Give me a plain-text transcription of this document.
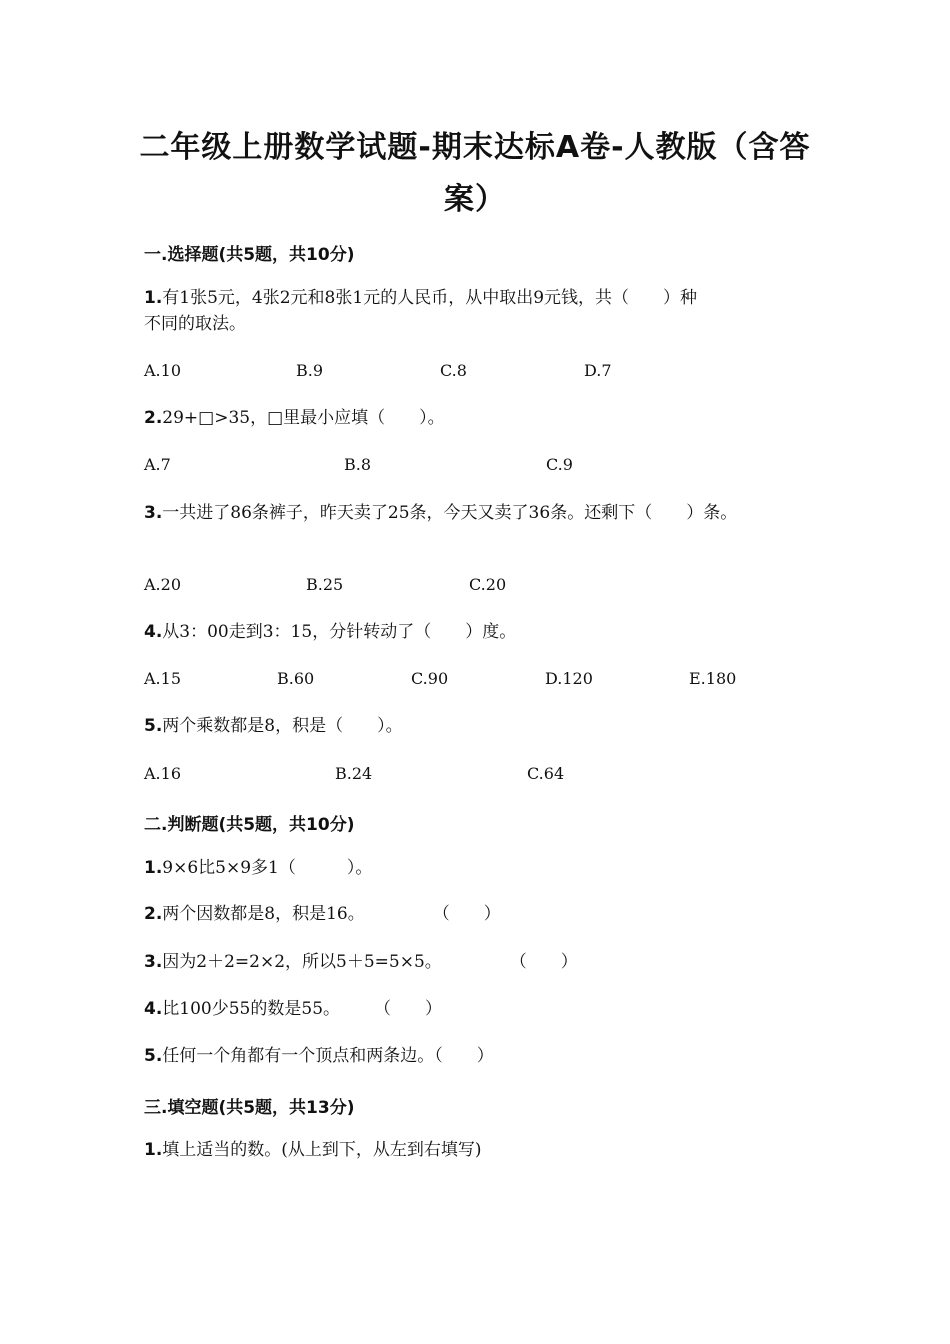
二年级上册数学试题-期末达标A卷-人教版（含答
案）
一.选择题(共5题，共10分)
1.有1张5元，4张2元和8张1元的人民币，从中取出9元钱，共（　　）种
不同的取法。
A.10	B.9	C.8	D.7
2.29+□>35，□里最小应填（　　）。
A.7	B.8	C.9
3.一共进了86条裤子，昨天卖了25条，今天又卖了36条。还剩下（　　）条。
A.20	B.25	C.20
4.从3：00走到3：15，分针转动了（　　）度。
A.15	B.60	C.90	D.120	E.180
5.两个乘数都是8，积是（　　）。
A.16	B.24	C.64
二.判断题(共5题，共10分)
1.9×6比5×9多1（　　　）。
2.两个因数都是8，积是16。　　　　　（　　）
3.因为2＋2=2×2，所以5＋5=5×5。　　　　　（　　）
4.比100少55的数是55。　　　（　　）
5.任何一个角都有一个顶点和两条边。（　　）
三.填空题(共5题，共13分)
1.填上适当的数。(从上到下，从左到右填写)
